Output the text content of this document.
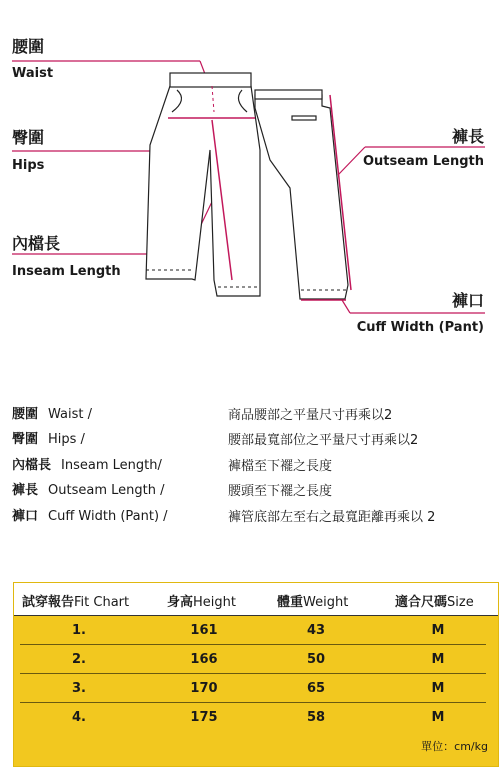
腰圍
Waist
臀圍
Hips
內檔長
Inseam Length
褲長
Outseam Length
褲口
Cuff Width (Pant)
腰圍 Waist /	商品腰部之平量尺寸再乘以2
臀圍 Hips /	腰部最寬部位之平量尺寸再乘以2
內檔長 Inseam Length/	褲檔至下襬之長度
褲長 Outseam Length /	腰頭至下襬之長度
褲口 Cuff Width (Pant) /	褲管底部左至右之最寬距離再乘以 2
試穿報告Fit Chart	身高Height	體重Weight	適合尺碼Size
1.	161	43	M
2.	166	50	M
3.	170	65	M
4.	175	58	M
單位：cm/kg
